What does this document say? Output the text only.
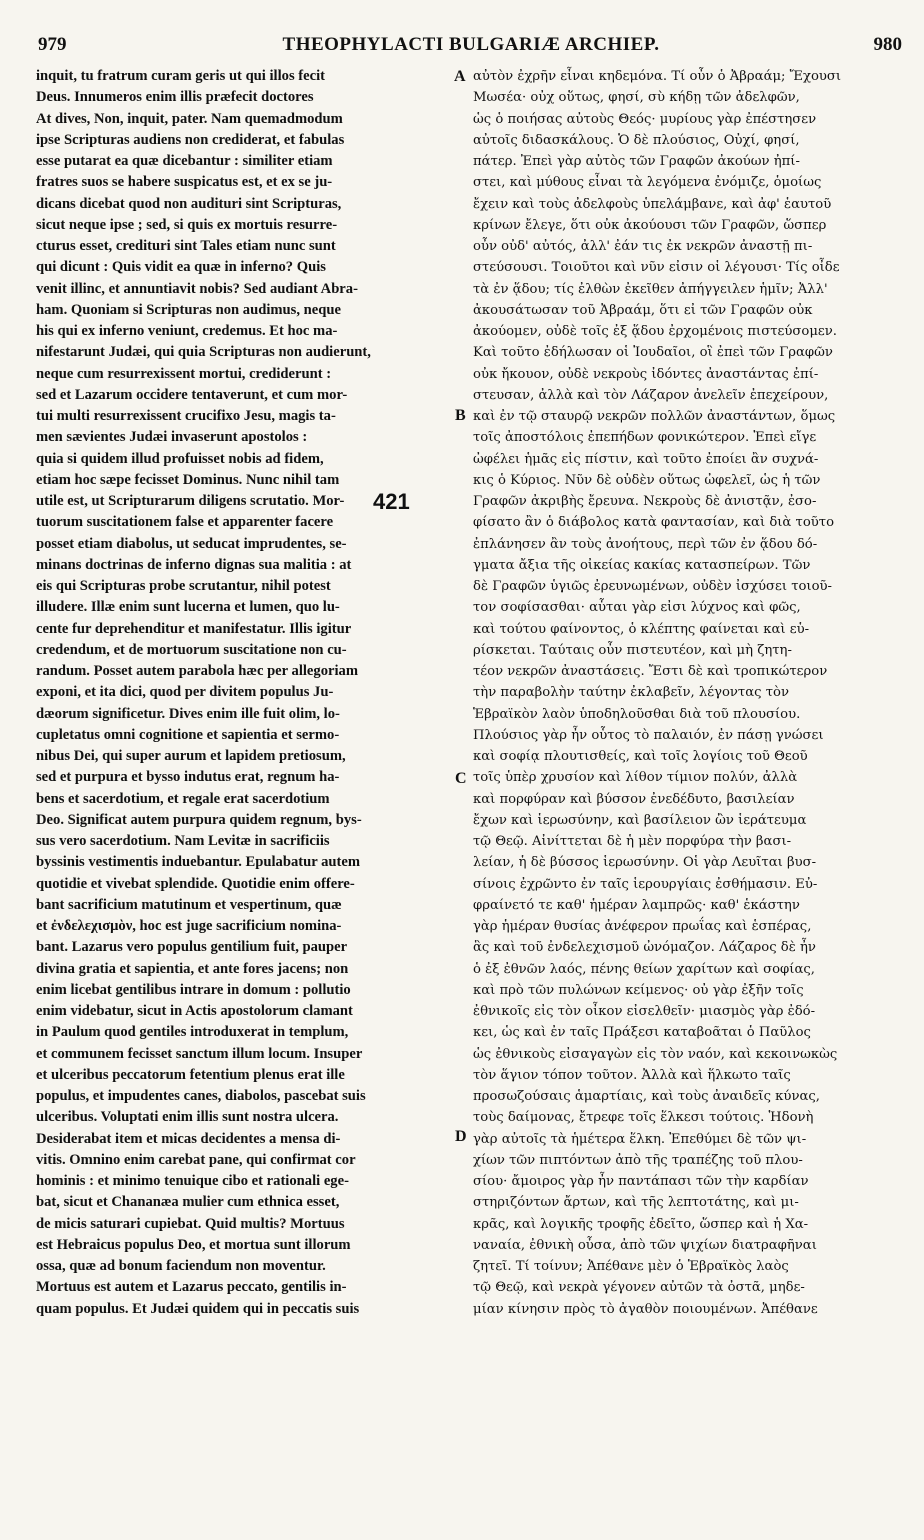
979	THEOPHYLACTI BULGARIÆ ARCHIEP.	980
inquit, tu fratrum curam geris ut qui illos fecit
Deus. Innumeros enim illis præfecit doctores
At dives, Non, inquit, pater. Nam quemadmodum
ipse Scripturas audiens non crediderat, et fabulas
esse putarat ea quæ dicebantur : similiter etiam
fratres suos se habere suspicatus est, et ex se ju-
dicans dicebat quod non audituri sint Scripturas,
sicut neque ipse ; sed, si quis ex mortuis resurre-
cturus esset, credituri sint Tales etiam nunc sunt
qui dicunt : Quis vidit ea quæ in inferno? Quis
venit illinc, et annuntiavit nobis? Sed audiant Abra-
ham. Quoniam si Scripturas non audimus, neque
his qui ex inferno veniunt, credemus. Et hoc ma-
nifestarunt Judæi, qui quia Scripturas non audierunt,
neque cum resurrexissent mortui, crediderunt :
sed et Lazarum occidere tentaverunt, et cum mor-
tui multi resurrexissent crucifixo Jesu, magis ta-
men sævientes Judæi invaserunt apostolos :
quia si quidem illud profuisset nobis ad fidem,
etiam hoc sæpe fecisset Dominus. Nunc nihil tam
utile est, ut Scripturarum diligens scrutatio. Mor-
tuorum suscitationem false et apparenter facere
posset etiam diabolus, ut seducat imprudentes, se-
minans doctrinas de inferno dignas sua malitia : at
eis qui Scripturas probe scrutantur, nihil potest
illudere. Illæ enim sunt lucerna et lumen, quo lu-
cente fur deprehenditur et manifestatur. Illis igitur
credendum, et de mortuorum suscitatione non cu-
randum. Posset autem parabola hæc per allegoriam
exponi, et ita dici, quod per divitem populus Ju-
dæorum significetur. Dives enim ille fuit olim, lo-
cupletatus omni cognitione et sapientia et sermo-
nibus Dei, qui super aurum et lapidem pretiosum,
sed et purpura et bysso indutus erat, regnum ha-
bens et sacerdotium, et regale erat sacerdotium
Deo. Significat autem purpura quidem regnum, bys-
sus vero sacerdotium. Nam Levitæ in sacrificiis
byssinis vestimentis induebantur. Epulabatur autem
quotidie et vivebat splendide. Quotidie enim offere-
bant sacrificium matutinum et vespertinum, quæ
et ἐνδελεχισμὸν, hoc est juge sacrificium nomina-
bant. Lazarus vero populus gentilium fuit, pauper
divina gratia et sapientia, et ante fores jacens; non
enim licebat gentilibus intrare in domum : pollutio
enim videbatur, sicut in Actis apostolorum clamant
in Paulum quod gentiles introduxerat in templum,
et communem fecisset sanctum illum locum. Insuper
et ulceribus peccatorum fetentium plenus erat ille
populus, et impudentes canes, diabolos, pascebat suis
ulceribus. Voluptati enim illis sunt nostra ulcera.
Desiderabat item et micas decidentes a mensa di-
vitis. Omnino enim carebat pane, qui confirmat cor
hominis : et minimo tenuique cibo et rationali ege-
bat, sicut et Chananæa mulier cum ethnica esset,
de micis saturari cupiebat. Quid multis? Mortuus
est Hebraicus populus Deo, et mortua sunt illorum
ossa, quæ ad bonum faciendum non moventur.
Mortuus est autem et Lazarus peccato, gentilis in-
quam populus. Et Judæi quidem qui in peccatis suis
αὐτὸν ἐχρῆν εἶναι κηδεμόνα. Τί οὖν ὁ Ἀβραάμ; Ἔχουσι
Μωσέα· οὐχ οὕτως, φησί, σὺ κήδῃ τῶν ἀδελφῶν,
ὡς ὁ ποιήσας αὐτοὺς Θεός· μυρίους γὰρ ἐπέστησεν
αὐτοῖς διδασκάλους. Ὁ δὲ πλούσιος, Οὐχί, φησί,
πάτερ. Ἐπεὶ γὰρ αὐτὸς τῶν Γραφῶν ἀκούων ἠπί-
στει, καὶ μύθους εἶναι τὰ λεγόμενα ἐνόμιζε, ὁμοίως
ἔχειν καὶ τοὺς ἀδελφοὺς ὑπελάμβανε, καὶ ἀφ' ἑαυτοῦ
κρίνων ἔλεγε, ὅτι οὐκ ἀκούουσι τῶν Γραφῶν, ὥσπερ
οὖν οὐδ' αὐτός, ἀλλ' ἐάν τις ἐκ νεκρῶν ἀναστῇ πι-
στεύσουσι. Τοιοῦτοι καὶ νῦν εἰσιν οἱ λέγουσι· Τίς οἶδε
τὰ ἐν ᾅδου; τίς ἐλθὼν ἐκεῖθεν ἀπήγγειλεν ἡμῖν; Ἀλλ'
ἀκουσάτωσαν τοῦ Ἀβραάμ, ὅτι εἰ τῶν Γραφῶν οὐκ
ἀκούομεν, οὐδὲ τοῖς ἐξ ᾅδου ἐρχομένοις πιστεύσομεν.
Καὶ τοῦτο ἐδήλωσαν οἱ Ἰουδαῖοι, οἳ ἐπεὶ τῶν Γραφῶν
οὐκ ἤκουον, οὐδὲ νεκροὺς ἰδόντες ἀναστάντας ἐπί-
στευσαν, ἀλλὰ καὶ τὸν Λάζαρον ἀνελεῖν ἐπεχείρουν,
καὶ ἐν τῷ σταυρῷ νεκρῶν πολλῶν ἀναστάντων, ὅμως
τοῖς ἀποστόλοις ἐπεπήδων φονικώτερον. Ἐπεὶ εἴγε
ὠφέλει ἡμᾶς εἰς πίστιν, καὶ τοῦτο ἐποίει ἂν συχνά-
κις ὁ Κύριος. Νῦν δὲ οὐδὲν οὕτως ὠφελεῖ, ὡς ἡ τῶν
Γραφῶν ἀκριβὴς ἔρευνα. Νεκροὺς δὲ ἀνιστᾷν, ἐσο-
φίσατο ἂν ὁ διάβολος κατὰ φαντασίαν, καὶ διὰ τοῦτο
ἐπλάνησεν ἂν τοὺς ἀνοήτους, περὶ τῶν ἐν ᾅδου δό-
γματα ἄξια τῆς οἰκείας κακίας κατασπείρων. Τῶν
δὲ Γραφῶν ὑγιῶς ἐρευνωμένων, οὐδὲν ἰσχύσει τοιοῦ-
τον σοφίσασθαι· αὗται γὰρ εἰσι λύχνος καὶ φῶς,
καὶ τούτου φαίνοντος, ὁ κλέπτης φαίνεται καὶ εὑ-
ρίσκεται. Ταύταις οὖν πιστευτέον, καὶ μὴ ζητη-
τέον νεκρῶν ἀναστάσεις. Ἔστι δὲ καὶ τροπικώτερον
τὴν παραβολὴν ταύτην ἐκλαβεῖν, λέγοντας τὸν
Ἑβραϊκὸν λαὸν ὑποδηλοῦσθαι διὰ τοῦ πλουσίου.
Πλούσιος γὰρ ἦν οὗτος τὸ παλαιόν, ἐν πάσῃ γνώσει
καὶ σοφίᾳ πλουτισθείς, καὶ τοῖς λογίοις τοῦ Θεοῦ
τοῖς ὑπὲρ χρυσίον καὶ λίθον τίμιον πολύν, ἀλλὰ
καὶ πορφύραν καὶ βύσσον ἐνεδέδυτο, βασιλείαν
ἔχων καὶ ἱερωσύνην, καὶ βασίλειον ὢν ἱεράτευμα
τῷ Θεῷ. Αἰνίττεται δὲ ἡ μὲν πορφύρα τὴν βασι-
λείαν, ἡ δὲ βύσσος ἱερωσύνην. Οἱ γὰρ Λευῖται βυσ-
σίνοις ἐχρῶντο ἐν ταῖς ἱερουργίαις ἐσθήμασιν. Εὐ-
φραίνετό τε καθ' ἡμέραν λαμπρῶς· καθ' ἑκάστην
γὰρ ἡμέραν θυσίας ἀνέφερον πρωΐας καὶ ἑσπέρας,
ἃς καὶ τοῦ ἐνδελεχισμοῦ ὠνόμαζον. Λάζαρος δὲ ἦν
ὁ ἐξ ἐθνῶν λαός, πένης θείων χαρίτων καὶ σοφίας,
καὶ πρὸ τῶν πυλώνων κείμενος· οὐ γὰρ ἐξῆν τοῖς
ἐθνικοῖς εἰς τὸν οἶκον εἰσελθεῖν· μιασμὸς γὰρ ἐδό-
κει, ὡς καὶ ἐν ταῖς Πράξεσι καταβοᾶται ὁ Παῦλος
ὡς ἐθνικοὺς εἰσαγαγὼν εἰς τὸν ναόν, καὶ κεκοινωκὼς
τὸν ἅγιον τόπον τοῦτον. Ἀλλὰ καὶ ἥλκωτο ταῖς
προσωζούσαις ἁμαρτίαις, καὶ τοὺς ἀναιδεῖς κύνας,
τοὺς δαίμονας, ἔτρεφε τοῖς ἕλκεσι τούτοις. Ἡδονὴ
γὰρ αὐτοῖς τὰ ἡμέτερα ἕλκη. Ἐπεθύμει δὲ τῶν ψι-
χίων τῶν πιπτόντων ἀπὸ τῆς τραπέζης τοῦ πλου-
σίου· ἄμοιρος γὰρ ἦν παντάπασι τῶν τὴν καρδίαν
στηριζόντων ἄρτων, καὶ τῆς λεπτοτάτης, καὶ μι-
κρᾶς, καὶ λογικῆς τροφῆς ἐδεῖτο, ὥσπερ καὶ ἡ Χα-
ναναία, ἐθνικὴ οὖσα, ἀπὸ τῶν ψιχίων διατραφῆναι
ζητεῖ. Τί τοίνυν; Ἀπέθανε μὲν ὁ Ἑβραϊκὸς λαὸς
τῷ Θεῷ, καὶ νεκρὰ γέγονεν αὐτῶν τὰ ὀστᾶ, μηδε-
μίαν κίνησιν πρὸς τὸ ἀγαθὸν ποιουμένων. Ἀπέθανε
A
B
C
D
421
